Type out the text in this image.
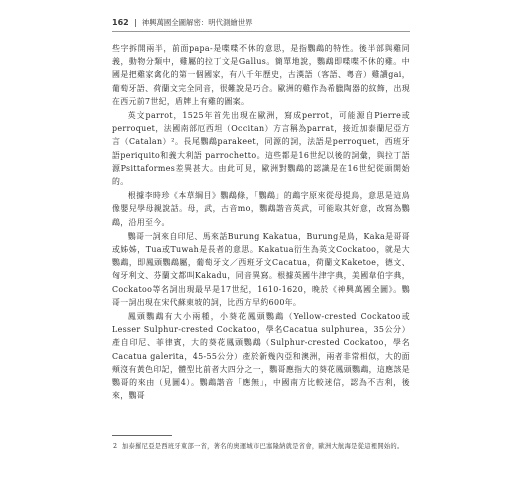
162 神興萬國全圖解密：明代測繪世界

些字拆開兩半，前面papa-是喋喋不休的意思，是指鸚鵡的特性。後半部與雞同義，動物分類中，雞屬的拉丁文是Gallus。簡單地說，鸚鵡即喋喋不休的雞。中國是把雞家禽化的第一個國家，有八千年歷史，古漢語（客語、粵音）雞讀gai，葡萄牙語、荷蘭文完全同音，很難說是巧合。歐洲的雞作為希臘陶器的紋飾，出現在西元前7世紀，盾牌上有雞的圖案。

英文parrot，1525年首先出現在歐洲，寫成perrot，可能源自Pierre或perroquet，法國南部厄西坦（Occitan）方言稱為parrat，接近加泰蘭尼亞方言（Catalan）²。長尾鸚鵡parakeet，同源的詞，法語是perroquet，西班牙語periquito和義大利語 parrochetto。這些都是16世紀以後的詞彙，與拉丁語源Psittaformes差異甚大。由此可見，歐洲對鸚鵡的認識是在16世紀從頭開始的。

根據李時珍《本草綱目》鸚鵡條，「鸚鵡」的鵡字原來從母提鳥，意思是這鳥像嬰兒學母親說話。母，武，古音mo，鸚鵡諧音英武，可能取其好意，改寫為鸚鵡，沿用至今。

鸚哥一詞來自印尼、馬來話Burung Kakatua，Burung是鳥，Kaka是哥哥或姊姊，Tua或Tuwah是長者的意思。Kakatua衍生為英文Cockatoo，就是大鸚鵡，即鳳頭鸚鵡屬，葡萄牙文／西班牙文Cacatua，荷蘭文Kaketoe，德文、匈牙利文、芬蘭文都叫Kakadu，同音異寫。根據英國牛津字典，美國韋伯字典，Cockatoo等名詞出現最早是17世紀，1610-1620，晚於《神興萬國全圖》。鸚哥一詞出現在宋代蘇東坡的詞，比西方早約600年。

鳳頭鸚鵡有大小兩種，小葵花鳳頭鸚鵡（Yellow-crested Cockatoo或Lesser Sulphur-crested Cockatoo，學名Cacatua sulphurea，35公分）產自印尼、菲律賓，大的葵花鳳頭鸚鵡（Sulphur-crested Cockatoo，學名Cacatua galerita，45-55公分）產於新幾內亞和澳洲，兩者非常相似，大的面頰沒有黃色印記，體型比前者大四分之一，鸚哥應指大的葵花鳳頭鸚鵡，這應該是鸚哥的來由（見圖4）。鸚鵡諧音「應無」，中國南方比較迷信，認為不吉利，後來，鸚哥

2 加泰羅尼亞是西班牙東部一省，著名的奧運城市巴塞隆納就是省會，歐洲大航海是從這裡開始的。
